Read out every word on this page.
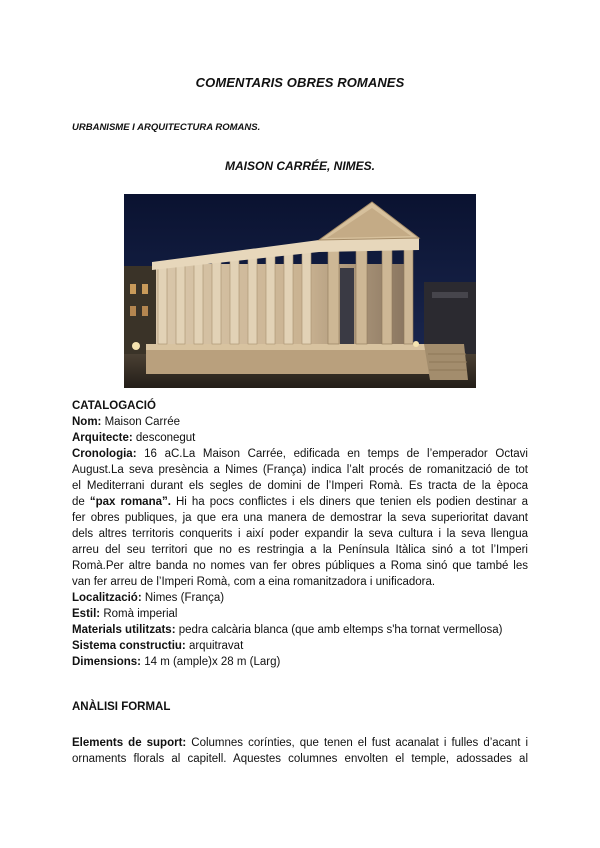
COMENTARIS OBRES ROMANES
URBANISME I ARQUITECTURA ROMANS.
MAISON CARRÉE, NIMES.
CATALOGACIÓ
Nom: Maison Carrée
Arquitecte: desconegut
Cronologia: 16 aC.La Maison Carrée, edificada en temps de l’emperador Octavi
August.La seva presència a Nimes (França) indica l’alt procés de romanització de tot
el Mediterrani durant els segles de domini de l’Imperi Romà. Es tracta de la època
de “pax romana”. Hi ha pocs conflictes i els diners que tenien els podien destinar a
fer obres publiques, ja que era una manera de demostrar la seva superioritat davant
dels altres territoris conquerits i així poder expandir la seva cultura i la seva llengua
arreu del seu territori que no es restringia a la Península Itàlica sinó a tot l’Imperi
Romà.Per altre banda no nomes van fer obres públiques a Roma sinó que també les
van fer arreu de l’Imperi Romà, com a eina romanitzadora i unificadora.
Localització: Nimes (França)
Estil: Romà imperial
Materials utilitzats: pedra calcària blanca (que amb eltemps s'ha tornat vermellosa)
Sistema constructiu: arquitravat
Dimensions: 14 m (ample)x 28 m (Larg)
ANÀLISI FORMAL
Elements de suport: Columnes corínties, que tenen el fust acanalat i fulles d’acant i
ornaments florals al capitell. Aquestes columnes envolten el temple, adossades al
